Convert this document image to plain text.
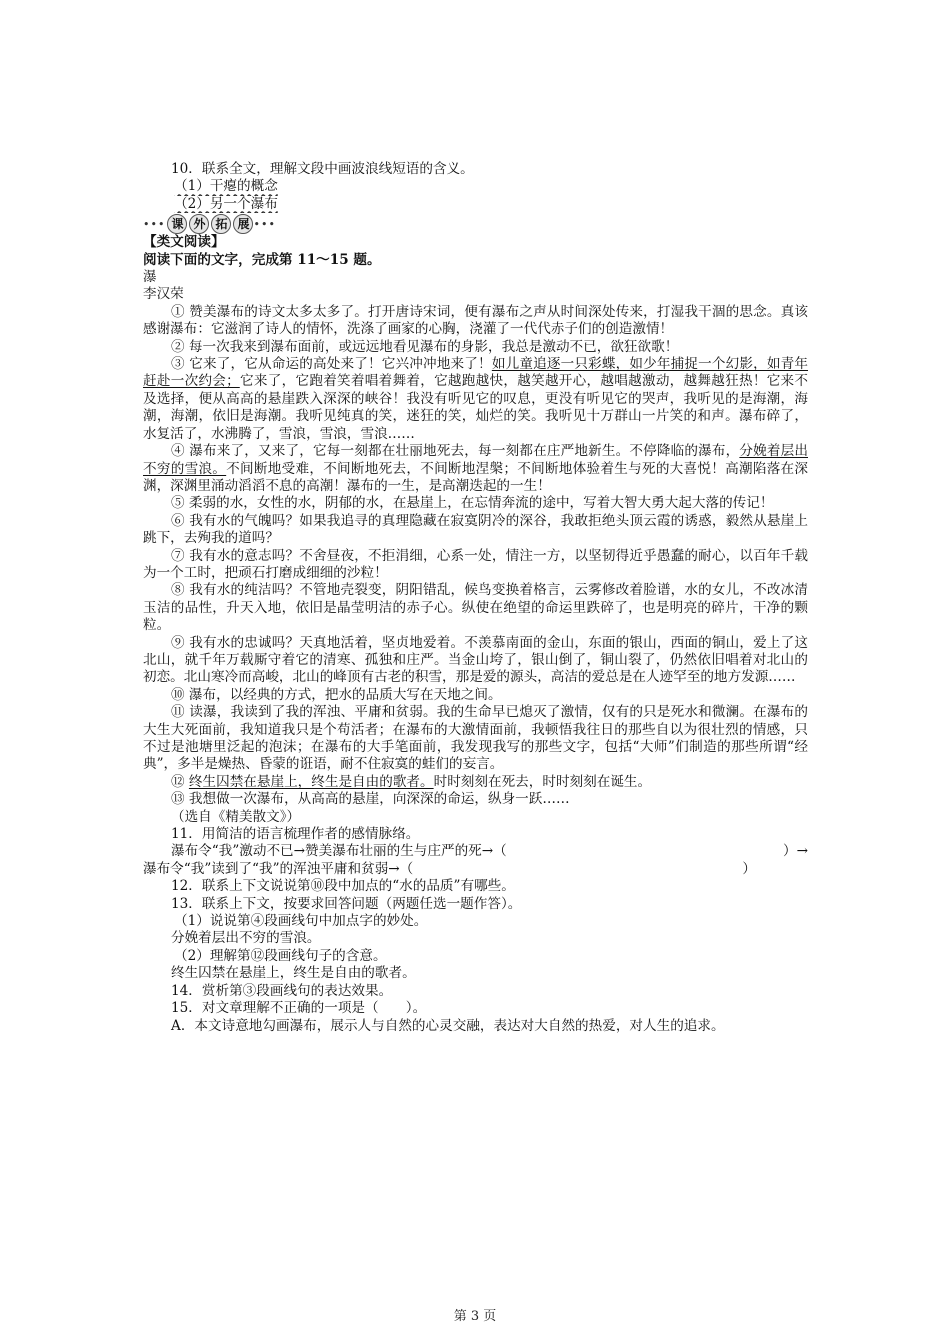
10．联系全文，理解文段中画波浪线短语的含义。
（1）干瘪的概念
（2）另一个瀑布
••• 课 外 拓 展 •••
【类文阅读】
阅读下面的文字，完成第 11～15 题。
瀑
李汉荣

① 赞美瀑布的诗文太多太多了。打开唐诗宋词，便有瀑布之声从时间深处传来，打湿我干涸的思念。真该感谢瀑布：它滋润了诗人的情怀，洗涤了画家的心胸，浇灌了一代代赤子们的创造激情！

② 每一次我来到瀑布面前，或远远地看见瀑布的身影，我总是激动不已，欲狂欲歌！

③ 它来了，它从命运的高处来了！它兴冲冲地来了！如儿童追逐一只彩蝶，如少年捕捉一个幻影，如青年赶赴一次约会；它来了，它跑着笑着唱着舞着，它越跑越快，越笑越开心，越唱越激动，越舞越狂热！它来不及选择，便从高高的悬崖跌入深深的峡谷！我没有听见它的叹息，更没有听见它的哭声，我听见的是海潮，海潮，海潮，依旧是海潮。我听见纯真的笑，迷狂的笑，灿烂的笑。我听见十万群山一片笑的和声。瀑布碎了，水复活了，水沸腾了，雪浪，雪浪，雪浪……

④ 瀑布来了，又来了，它每一刻都在壮丽地死去，每一刻都在庄严地新生。不停降临的瀑布，分娩着层出不穷的雪浪。不间断地受难，不间断地死去，不间断地涅槃；不间断地体验着生与死的大喜悦！高潮陷落在深渊，深渊里涌动滔滔不息的高潮！瀑布的一生，是高潮迭起的一生！

⑤ 柔弱的水，女性的水，阴郁的水，在悬崖上，在忘情奔流的途中，写着大智大勇大起大落的传记！

⑥ 我有水的气魄吗？如果我追寻的真理隐藏在寂寞阴冷的深谷，我敢拒绝头顶云霞的诱惑，毅然从悬崖上跳下，去殉我的道吗？

⑦ 我有水的意志吗？不舍昼夜，不拒涓细，心系一处，情注一方，以坚韧得近乎愚蠢的耐心，以百年千载为一个工时，把顽石打磨成细细的沙粒！

⑧ 我有水的纯洁吗？不管地壳裂变，阴阳错乱，候鸟变换着格言，云雾修改着脸谱，水的女儿，不改冰清玉洁的品性，升天入地，依旧是晶莹明洁的赤子心。纵使在绝望的命运里跌碎了，也是明亮的碎片，干净的颗粒。

⑨ 我有水的忠诚吗？天真地活着，坚贞地爱着。不羡慕南面的金山，东面的银山，西面的铜山，爱上了这北山，就千年万载厮守着它的清寒、孤独和庄严。当金山垮了，银山倒了，铜山裂了，仍然依旧唱着对北山的初恋。北山寒冷而高峻，北山的峰顶有古老的积雪，那是爱的源头，高洁的爱总是在人迹罕至的地方发源……

⑩ 瀑布，以经典的方式，把水的品质大写在天地之间。

⑪ 读瀑，我读到了我的浑浊、平庸和贫弱。我的生命早已熄灭了激情，仅有的只是死水和微澜。在瀑布的大生大死面前，我知道我只是个苟活者；在瀑布的大激情面前，我顿悟我往日的那些自以为很壮烈的情感，只不过是池塘里泛起的泡沫；在瀑布的大手笔面前，我发现我写的那些文字，包括“大师”们制造的那些所谓“经典”，多半是燥热、昏蒙的诳语，耐不住寂寞的蛙们的妄言。

⑫ 终生囚禁在悬崖上，终生是自由的歌者。时时刻刻在死去，时时刻刻在诞生。

⑬ 我想做一次瀑布，从高高的悬崖，向深深的命运，纵身一跃……

（选自《精美散文》）

11．用简洁的语言梳理作者的感情脉络。
瀑布令“我”激动不已→赞美瀑布壮丽的生与庄严的死→（	）→
瀑布令“我”读到了“我”的浑浊平庸和贫弱→（	）
12．联系上下文说说第⑩段中加点的“水的品质”有哪些。
13．联系上下文，按要求回答问题（两题任选一题作答）。
（1）说说第④段画线句中加点字的妙处。
分娩着层出不穷的雪浪。
（2）理解第⑫段画线句子的含意。
终生囚禁在悬崖上，终生是自由的歌者。
14．赏析第③段画线句的表达效果。
15．对文章理解不正确的一项是（　　）。

A．本文诗意地勾画瀑布，展示人与自然的心灵交融，表达对大自然的热爱，对人生的追求。

第 3 页
